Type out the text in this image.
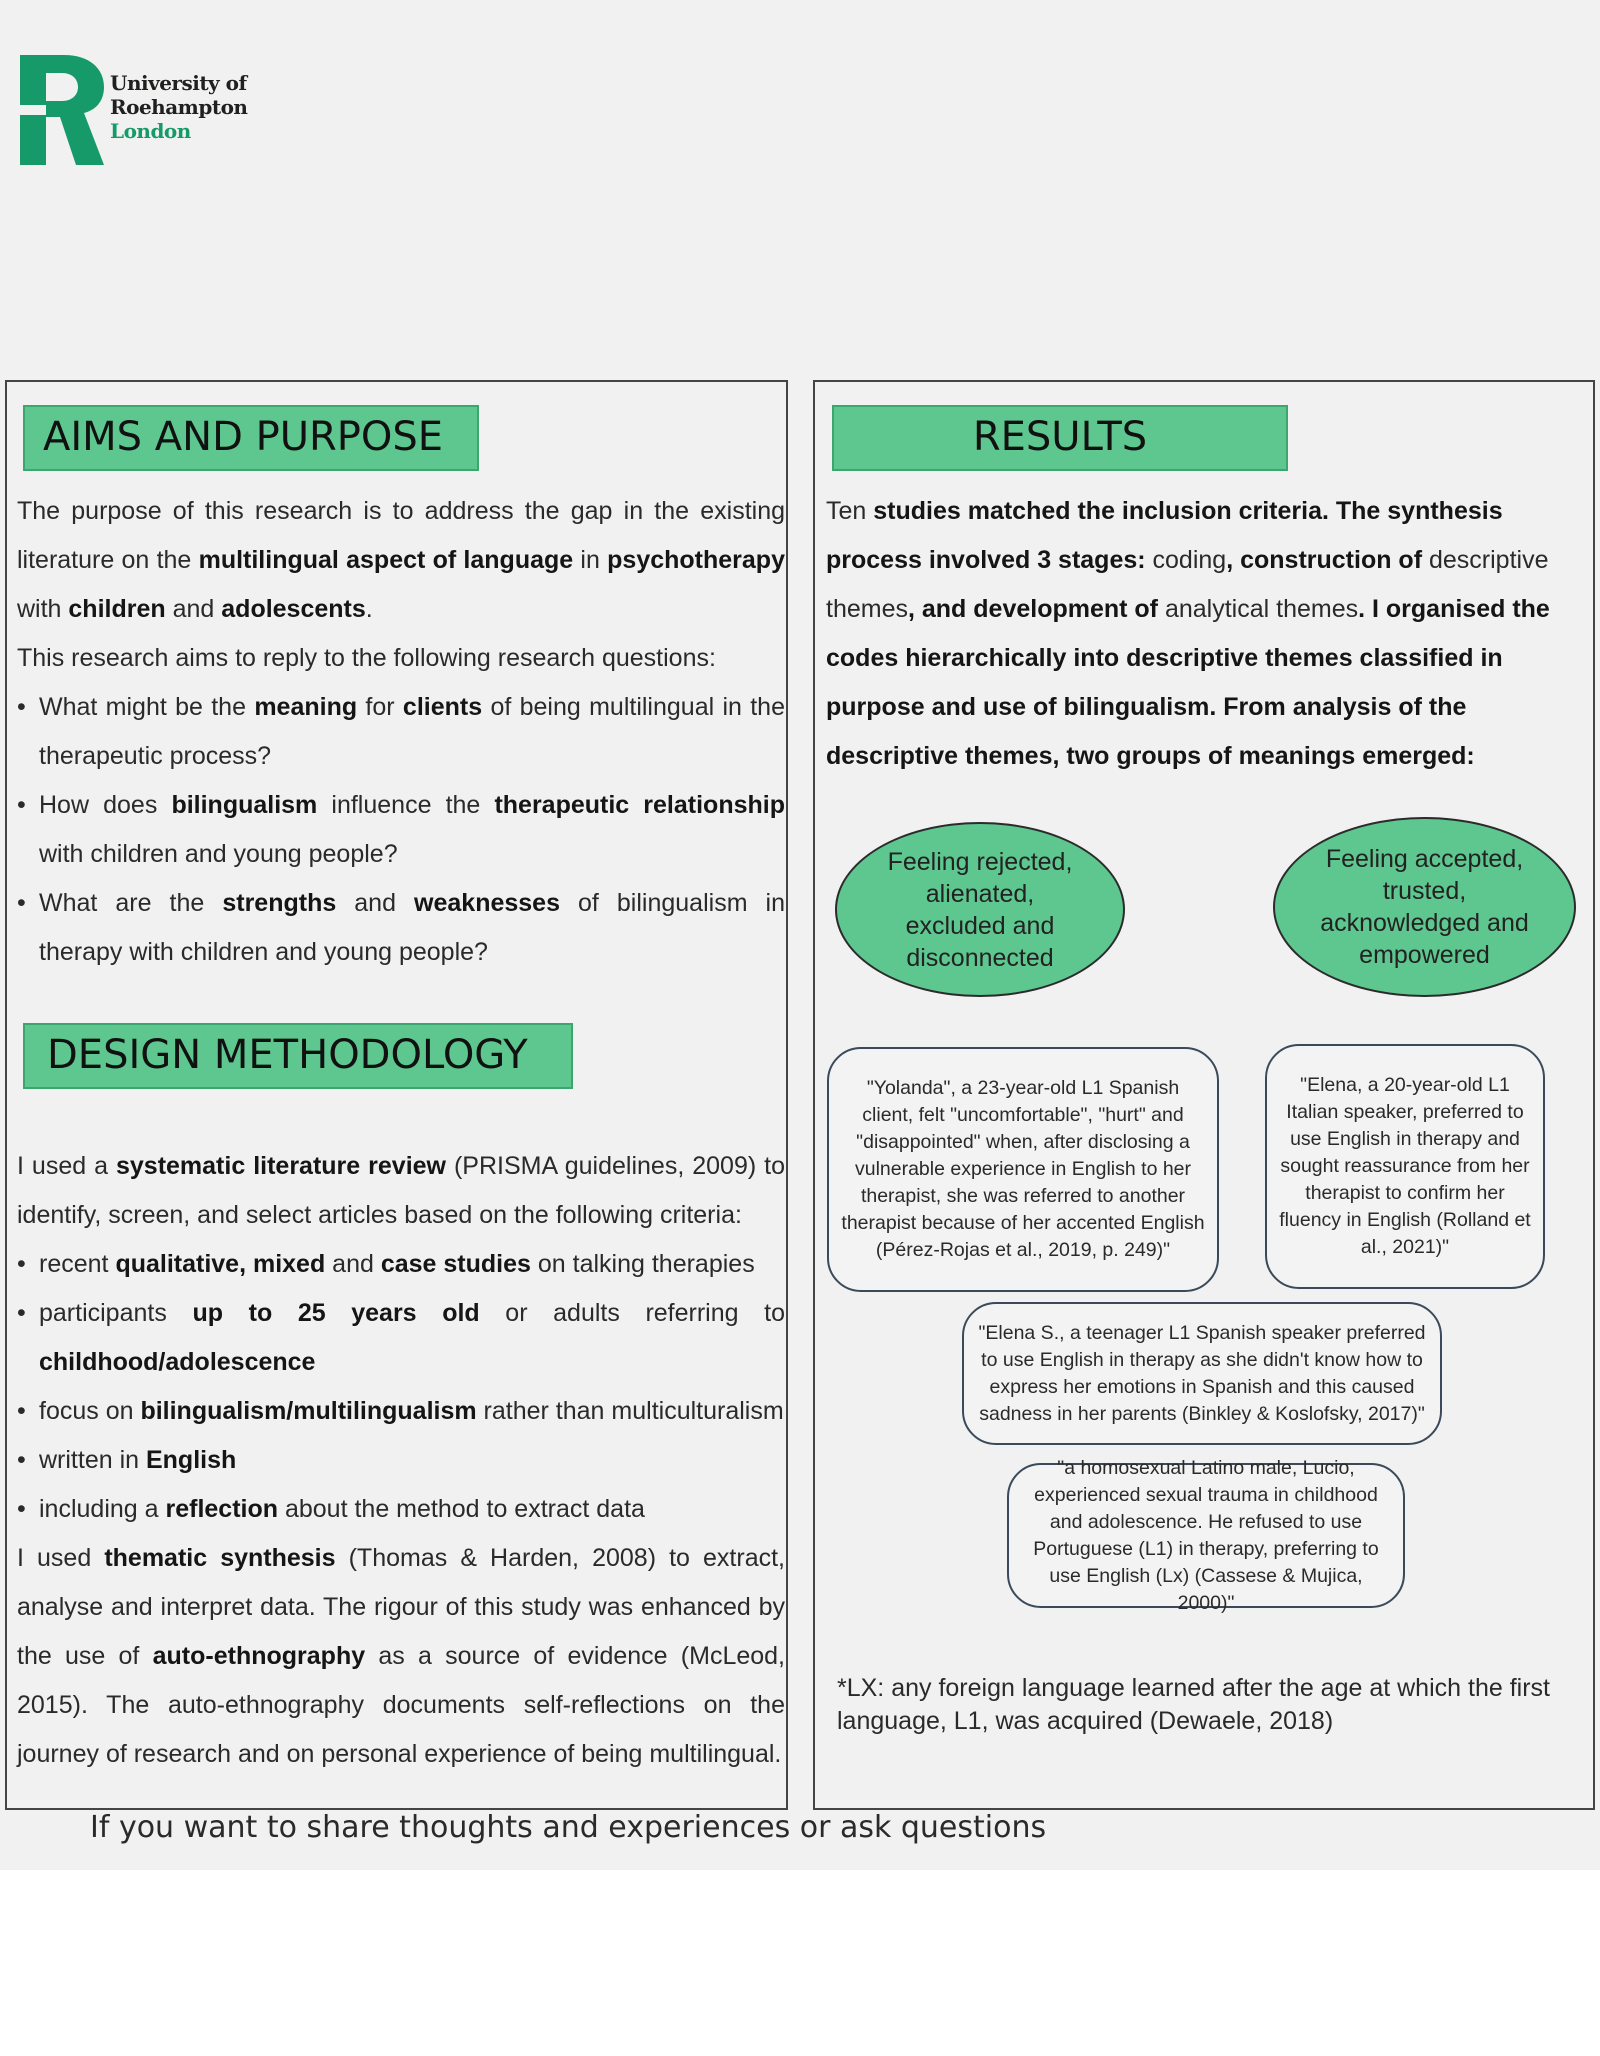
University of
Roehampton
London
AIMS AND PURPOSE
The purpose of this research is to address the gap in the existing literature on the multilingual aspect of language in psychotherapy with children and adolescents.
This research aims to reply to the following research questions:
• What might be the meaning for clients of being multilingual in the therapeutic process?
• How does bilingualism influence the therapeutic relationship with children and young people?
• What are the strengths and weaknesses of bilingualism in therapy with children and young people?
DESIGN METHODOLOGY
I used a systematic literature review (PRISMA guidelines, 2009) to identify, screen, and select articles based on the following criteria:
• recent qualitative, mixed and case studies on talking therapies
• participants up to 25 years old or adults referring to childhood/adolescence
• focus on bilingualism/multilingualism rather than multiculturalism
• written in English
• including a reflection about the method to extract data
I used thematic synthesis (Thomas & Harden, 2008) to extract, analyse and interpret data. The rigour of this study was enhanced by the use of auto-ethnography as a source of evidence (McLeod, 2015). The auto-ethnography documents self-reflections on the journey of research and on personal experience of being multilingual.
RESULTS
Ten studies matched the inclusion criteria. The synthesis process involved 3 stages: coding, construction of descriptive themes, and development of analytical themes. I organised the codes hierarchically into descriptive themes classified in purpose and use of bilingualism. From analysis of the descriptive themes, two groups of meanings emerged:
Feeling rejected, alienated, excluded and disconnected
Feeling accepted, trusted, acknowledged and empowered
"Yolanda", a 23-year-old L1 Spanish client, felt "uncomfortable", "hurt" and "disappointed" when, after disclosing a vulnerable experience in English to her therapist, she was referred to another therapist because of her accented English (Pérez-Rojas et al., 2019, p. 249)"
"Elena, a 20-year-old L1 Italian speaker, preferred to use English in therapy and sought reassurance from her therapist to confirm her fluency in English (Rolland et al., 2021)"
"Elena S., a teenager L1 Spanish speaker preferred to use English in therapy as she didn't know how to express her emotions in Spanish and this caused sadness in her parents (Binkley & Koslofsky, 2017)"
"a homosexual Latino male, Lucio, experienced sexual trauma in childhood and adolescence. He refused to use Portuguese (L1) in therapy, preferring to use English (Lx) (Cassese & Mujica, 2000)"
*LX: any foreign language learned after the age at which the first language, L1, was acquired (Dewaele, 2018)
If you want to share thoughts and experiences or ask questions
